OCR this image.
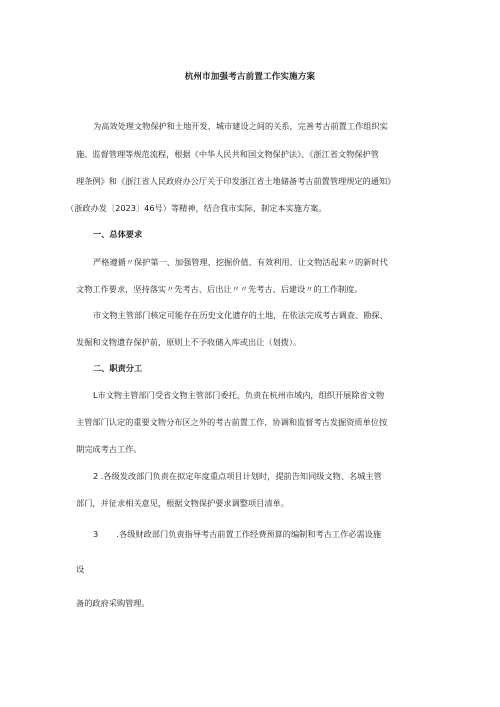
杭州市加强考古前置工作实施方案
为高效处理文物保护和土地开发、城市建设之间的关系，完善考古前置工作组织实
施、监督管理等规范流程，根据《中华人民共和国文物保护法》、《浙江省文物保护管
理条例》和《浙江省人民政府办公厅关于印发浙江省土地储备考古前置管理规定的通知》
（浙政办发〔2023〕46号）等精神，结合我市实际，制定本实施方案。
一、总体要求
严格遵循〃保护第一、加强管理、挖掘价值、有效利用、让文物活起来〃的新时代
文物工作要求，坚持落实〃先考古、后出让〃〃先考古、后建设〃的工作制度。
市文物主管部门核定可能存在历史文化遗存的土地，在依法完成考古调查、勘探、
发掘和文物遗存保护前，原则上不予收储入库或出让（划拨）。
二、职责分工
L市文物主管部门受省文物主管部门委托，负责在杭州市域内，组织开展除省文物
主管部门认定的重要文物分布区之外的考古前置工作，协调和监督考古发掘资质单位按
期完成考古工作。
2 .各级发改部门负责在拟定年度重点项目计划时，提前告知同级文物、名城主管
部门，并征求相关意见，根据文物保护要求调整项目清单。
3       .各级财政部门负责指导考古前置工作经费预算的编制和考古工作必需设施
设
备的政府采购管理。
